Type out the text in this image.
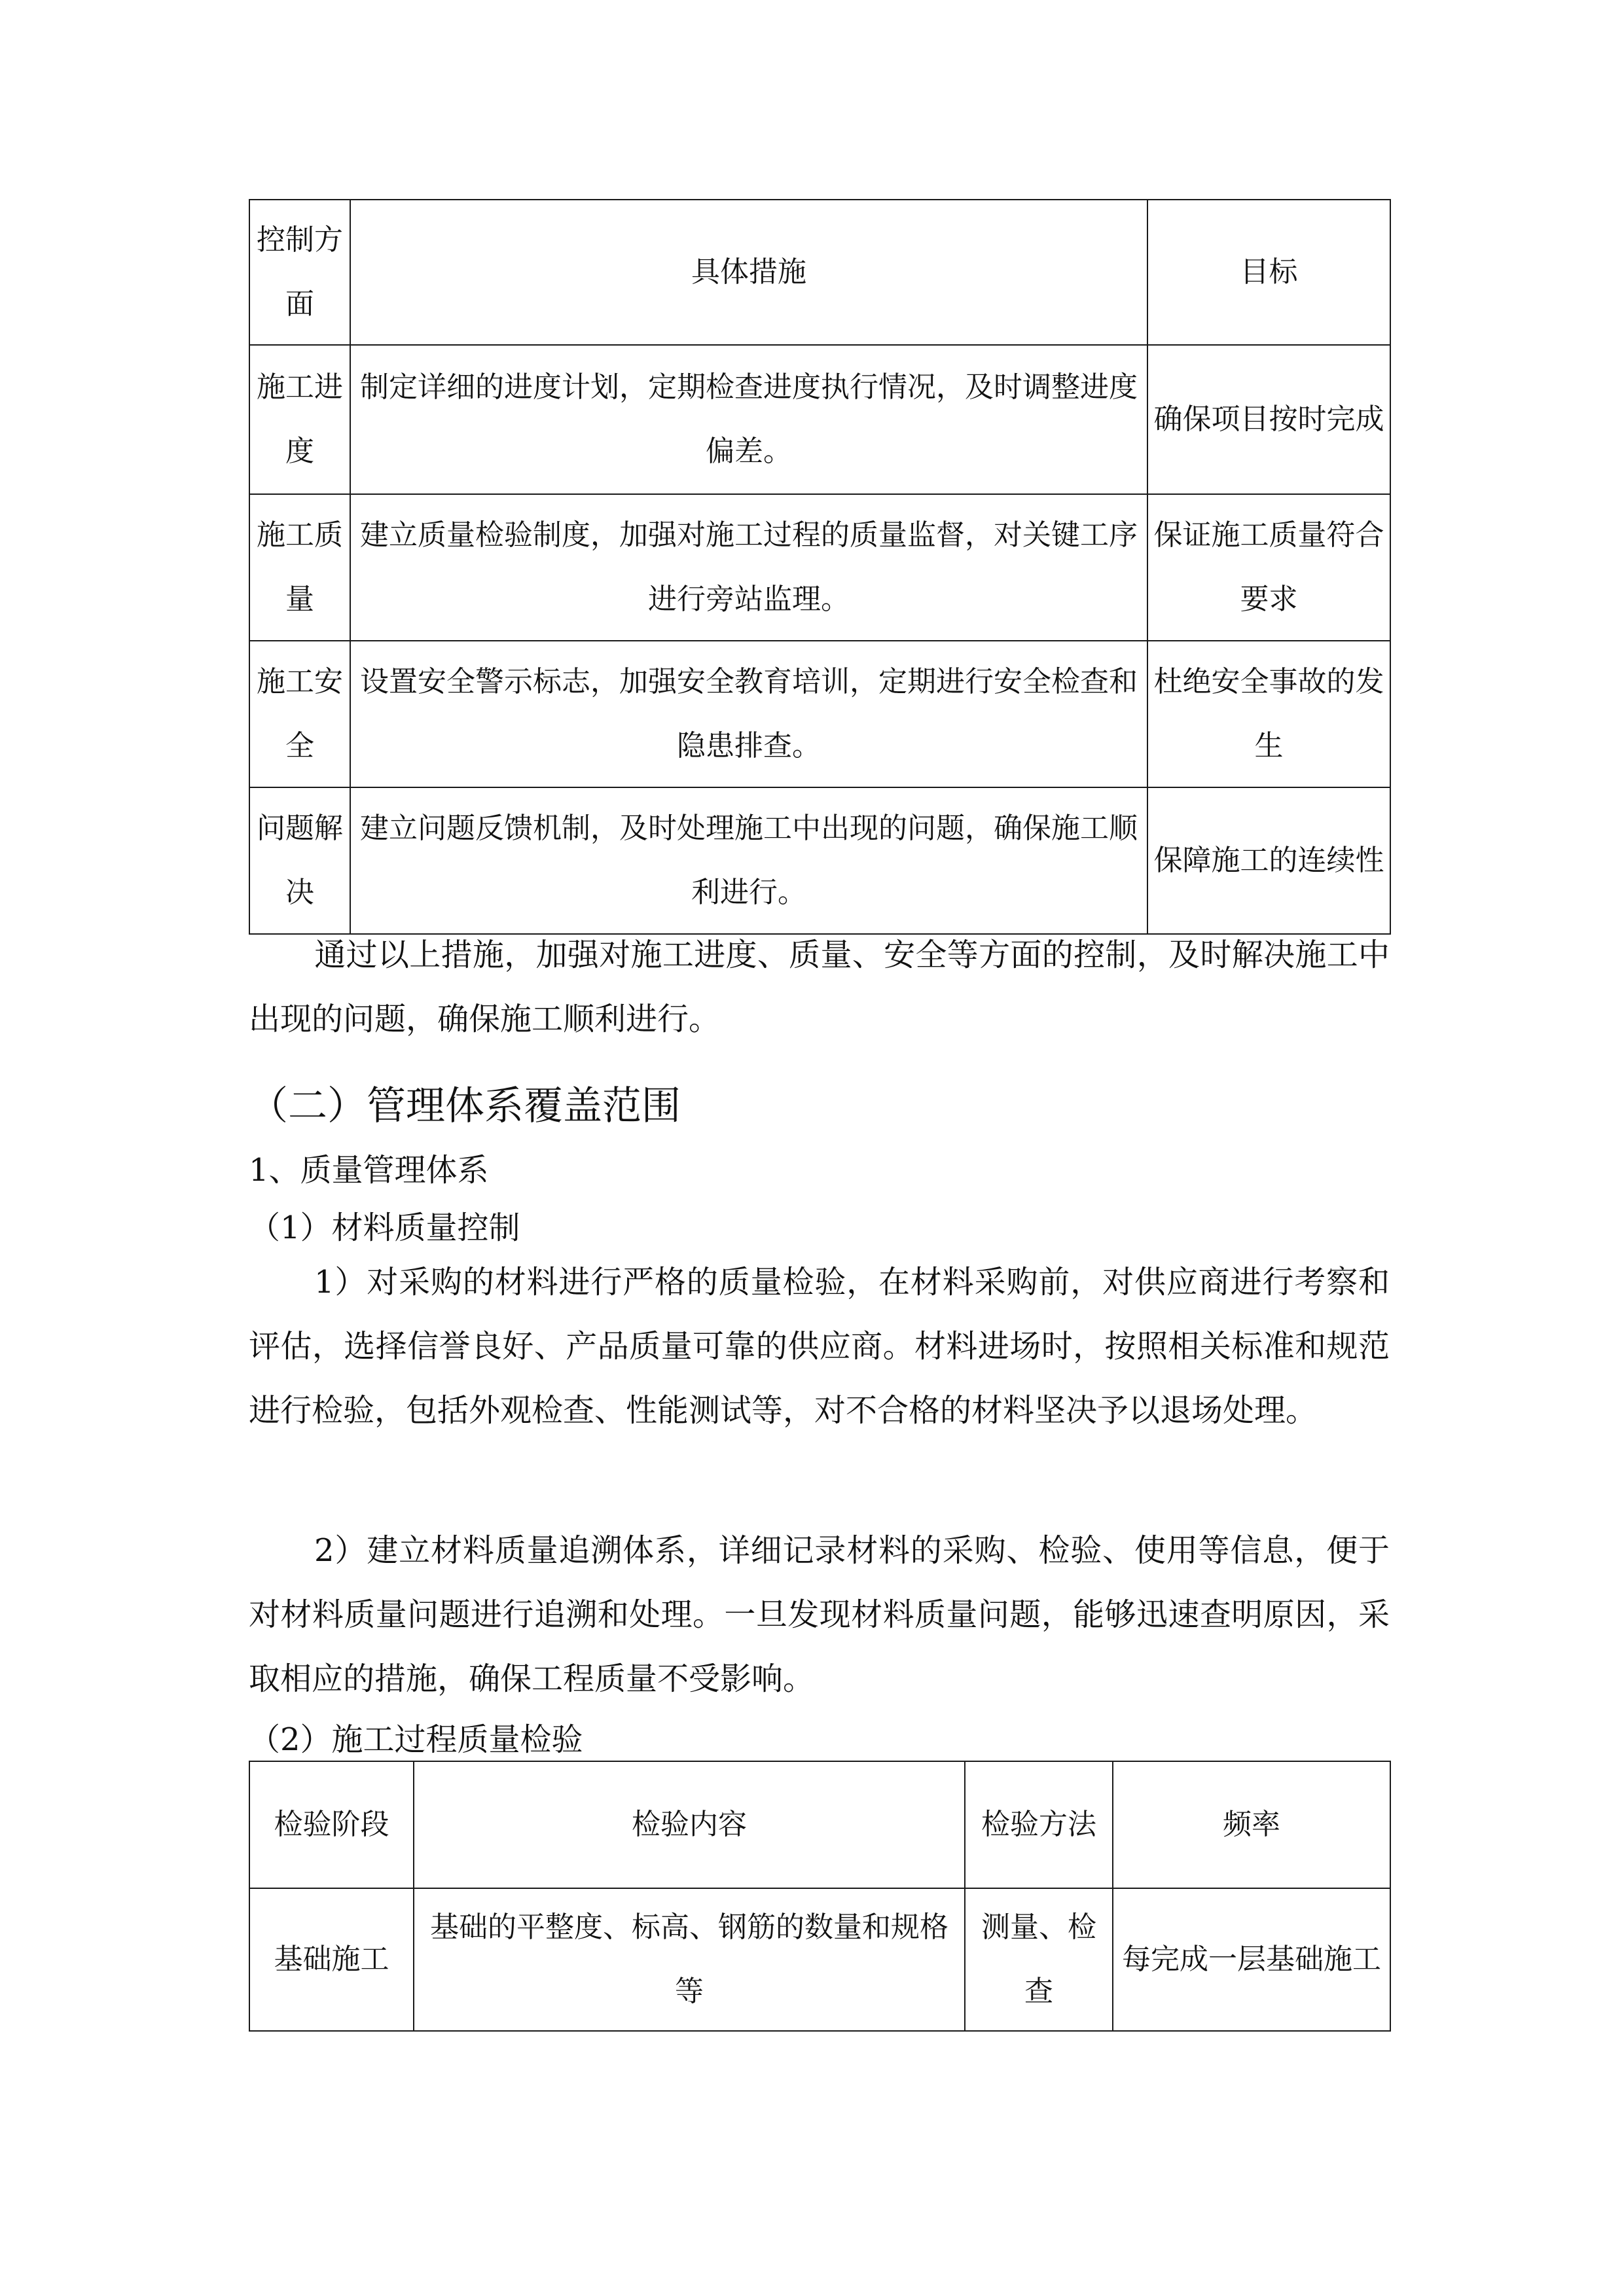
控制方面	具体措施	目标
施工进度	制定详细的进度计划，定期检查进度执行情况，及时调整进度偏差。	确保项目按时完成
施工质量	建立质量检验制度，加强对施工过程的质量监督，对关键工序进行旁站监理。	保证施工质量符合要求
施工安全	设置安全警示标志，加强安全教育培训，定期进行安全检查和隐患排查。	杜绝安全事故的发生
问题解决	建立问题反馈机制，及时处理施工中出现的问题，确保施工顺利进行。	保障施工的连续性
通过以上措施，加强对施工进度、质量、安全等方面的控制，及时解决施工中出现的问题，确保施工顺利进行。
（二）管理体系覆盖范围
1、质量管理体系
（1）材料质量控制
1）对采购的材料进行严格的质量检验，在材料采购前，对供应商进行考察和评估，选择信誉良好、产品质量可靠的供应商。材料进场时，按照相关标准和规范进行检验，包括外观检查、性能测试等，对不合格的材料坚决予以退场处理。
2）建立材料质量追溯体系，详细记录材料的采购、检验、使用等信息，便于对材料质量问题进行追溯和处理。一旦发现材料质量问题，能够迅速查明原因，采取相应的措施，确保工程质量不受影响。
（2）施工过程质量检验
检验阶段	检验内容	检验方法	频率
基础施工	基础的平整度、标高、钢筋的数量和规格等	测量、检查	每完成一层基础施工
